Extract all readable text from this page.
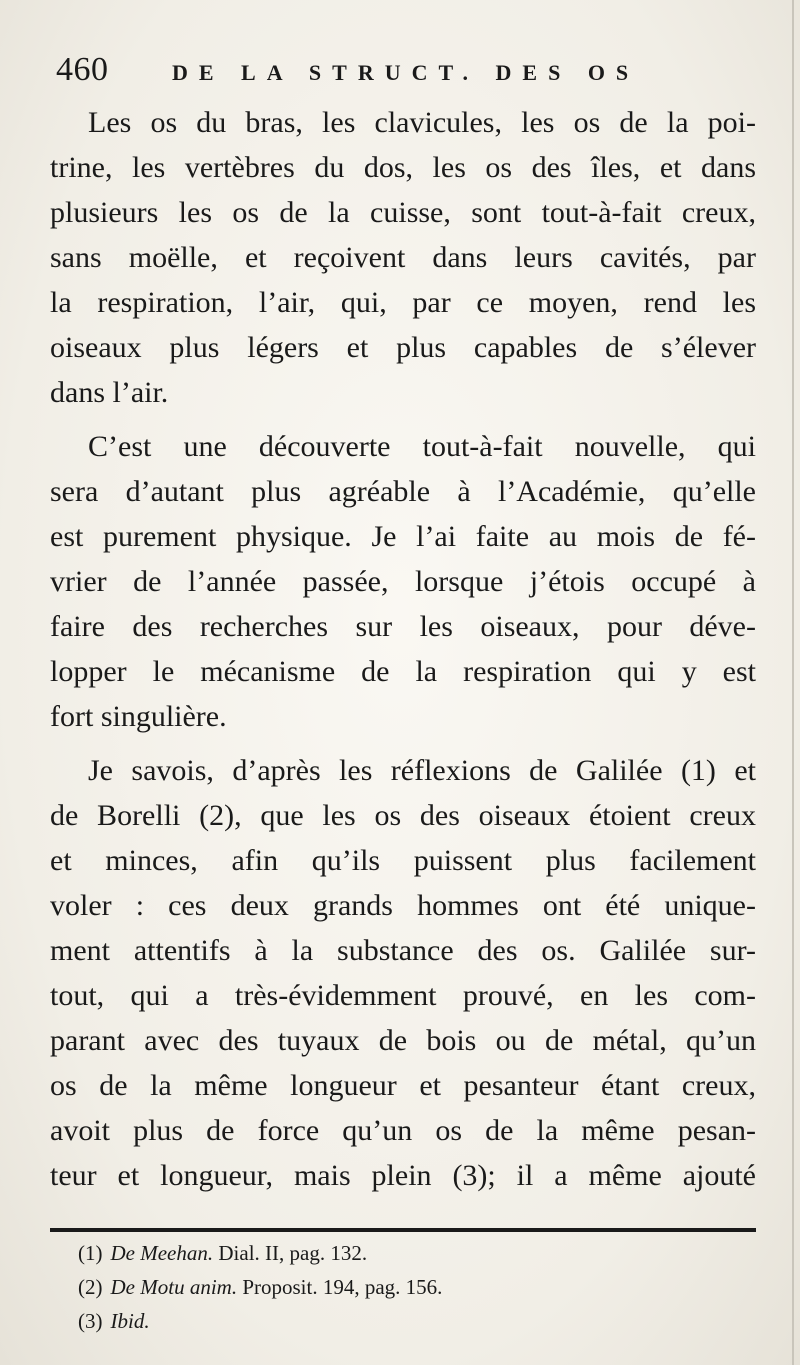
460	DE LA STRUCT. DES OS
Les os du bras, les clavicules, les os de la poi-
trine, les vertèbres du dos, les os des îles, et dans
plusieurs les os de la cuisse, sont tout-à-fait creux,
sans moëlle, et reçoivent dans leurs cavités, par
la respiration, l’air, qui, par ce moyen, rend les
oiseaux plus légers et plus capables de s’élever
dans l’air.
C’est une découverte tout-à-fait nouvelle, qui
sera d’autant plus agréable à l’Académie, qu’elle
est purement physique. Je l’ai faite au mois de fé-
vrier de l’année passée, lorsque j’étois occupé à
faire des recherches sur les oiseaux, pour déve-
lopper le mécanisme de la respiration qui y est
fort singulière.
Je savois, d’après les réflexions de Galilée (1) et
de Borelli (2), que les os des oiseaux étoient creux
et minces, afin qu’ils puissent plus facilement
voler : ces deux grands hommes ont été unique-
ment attentifs à la substance des os. Galilée sur-
tout, qui a très-évidemment prouvé, en les com-
parant avec des tuyaux de bois ou de métal, qu’un
os de la même longueur et pesanteur étant creux,
avoit plus de force qu’un os de la même pesan-
teur et longueur, mais plein (3); il a même ajouté
(1) De Meehan. Dial. II, pag. 132.
(2) De Motu anim. Proposit. 194, pag. 156.
(3) Ibid.
